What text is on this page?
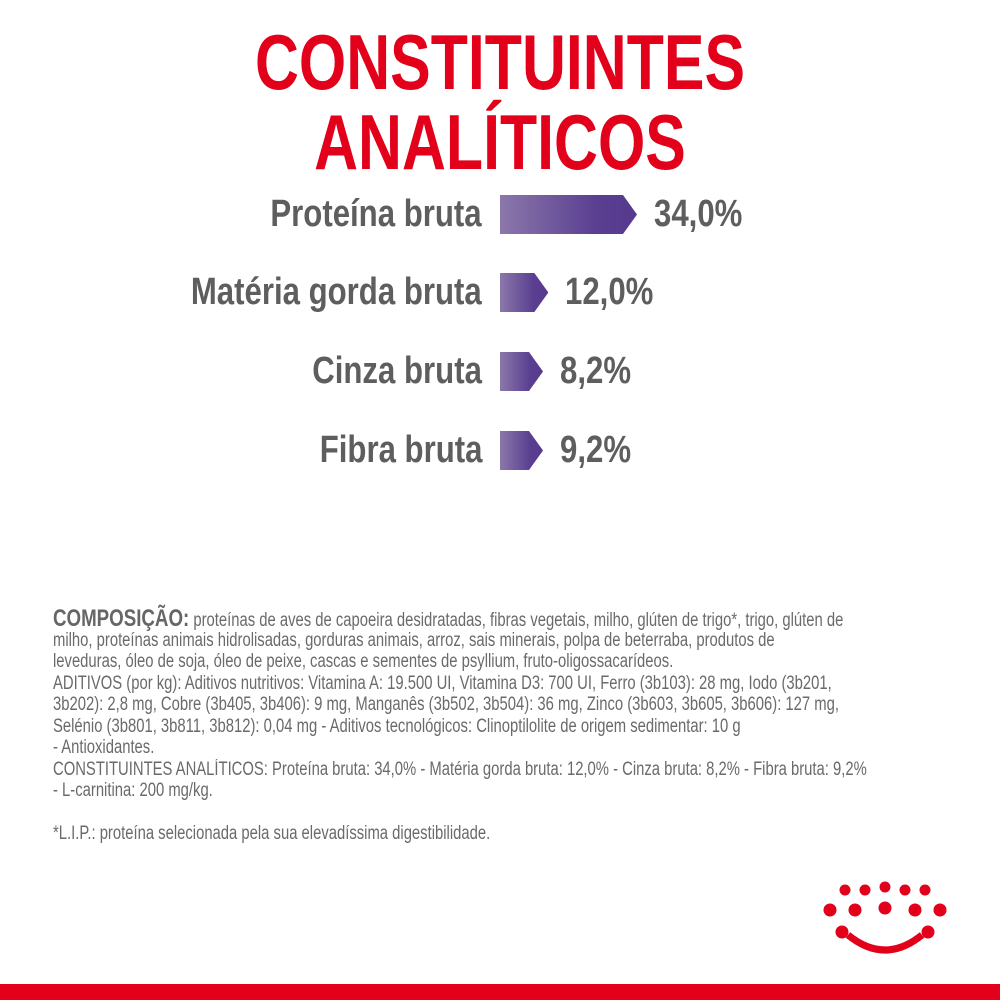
CONSTITUINTES ANALÍTICOS
Proteína bruta	34,0%
Matéria gorda bruta 12,0%
Cinza bruta 8,2%
Fibra bruta 9,2%
COMPOSIÇÃO: proteínas de aves de capoeira desidratadas, fibras vegetais, milho, glúten de trigo*, trigo, glúten de
milho, proteínas animais hidrolisadas, gorduras animais, arroz, sais minerais, polpa de beterraba, produtos de
leveduras, óleo de soja, óleo de peixe, cascas e sementes de psyllium, fruto-oligossacarídeos.
ADITIVOS (por kg): Aditivos nutritivos: Vitamina A: 19.500 UI, Vitamina D3: 700 UI, Ferro (3b103): 28 mg, Iodo (3b201,
3b202): 2,8 mg, Cobre (3b405, 3b406): 9 mg, Manganês (3b502, 3b504): 36 mg, Zinco (3b603, 3b605, 3b606): 127 mg,
Selénio (3b801, 3b811, 3b812): 0,04 mg - Aditivos tecnológicos: Clinoptilolite de origem sedimentar: 10 g
- Antioxidantes.
CONSTITUINTES ANALÍTICOS: Proteína bruta: 34,0% - Matéria gorda bruta: 12,0% - Cinza bruta: 8,2% - Fibra bruta: 9,2%
- L-carnitina: 200 mg/kg.
*L.I.P.: proteína selecionada pela sua elevadíssima digestibilidade.
